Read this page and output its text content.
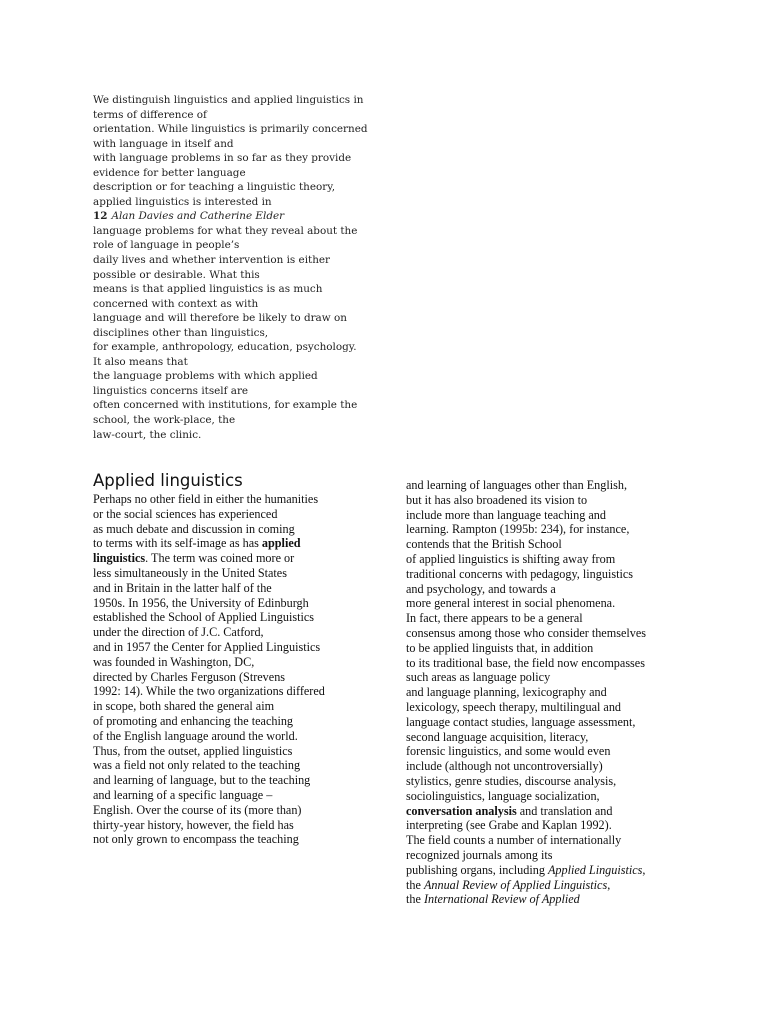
We distinguish linguistics and applied linguistics in
terms of difference of
orientation. While linguistics is primarily concerned
with language in itself and
with language problems in so far as they provide
evidence for better language
description or for teaching a linguistic theory,
applied linguistics is interested in
12 Alan Davies and Catherine Elder
language problems for what they reveal about the
role of language in people’s
daily lives and whether intervention is either
possible or desirable. What this
means is that applied linguistics is as much
concerned with context as with
language and will therefore be likely to draw on
disciplines other than linguistics,
for example, anthropology, education, psychology.
It also means that
the language problems with which applied
linguistics concerns itself are
often concerned with institutions, for example the
school, the work-place, the
law-court, the clinic.
Applied linguistics
Perhaps no other field in either the humanities
or the social sciences has experienced
as much debate and discussion in coming
to terms with its self-image as has applied
linguistics. The term was coined more or
less simultaneously in the United States
and in Britain in the latter half of the
1950s. In 1956, the University of Edinburgh
established the School of Applied Linguistics
under the direction of J.C. Catford,
and in 1957 the Center for Applied Linguistics
was founded in Washington, DC,
directed by Charles Ferguson (Strevens
1992: 14). While the two organizations differed
in scope, both shared the general aim
of promoting and enhancing the teaching
of the English language around the world.
Thus, from the outset, applied linguistics
was a field not only related to the teaching
and learning of language, but to the teaching
and learning of a specific language –
English. Over the course of its (more than)
thirty-year history, however, the field has
not only grown to encompass the teaching
and learning of languages other than English,
but it has also broadened its vision to
include more than language teaching and
learning. Rampton (1995b: 234), for instance,
contends that the British School
of applied linguistics is shifting away from
traditional concerns with pedagogy, linguistics
and psychology, and towards a
more general interest in social phenomena.
In fact, there appears to be a general
consensus among those who consider themselves
to be applied linguists that, in addition
to its traditional base, the field now encompasses
such areas as language policy
and language planning, lexicography and
lexicology, speech therapy, multilingual and
language contact studies, language assessment,
second language acquisition, literacy,
forensic linguistics, and some would even
include (although not uncontroversially)
stylistics, genre studies, discourse analysis,
sociolinguistics, language socialization,
conversation analysis and translation and
interpreting (see Grabe and Kaplan 1992).
The field counts a number of internationally
recognized journals among its
publishing organs, including Applied Linguistics,
the Annual Review of Applied Linguistics,
the International Review of Applied
